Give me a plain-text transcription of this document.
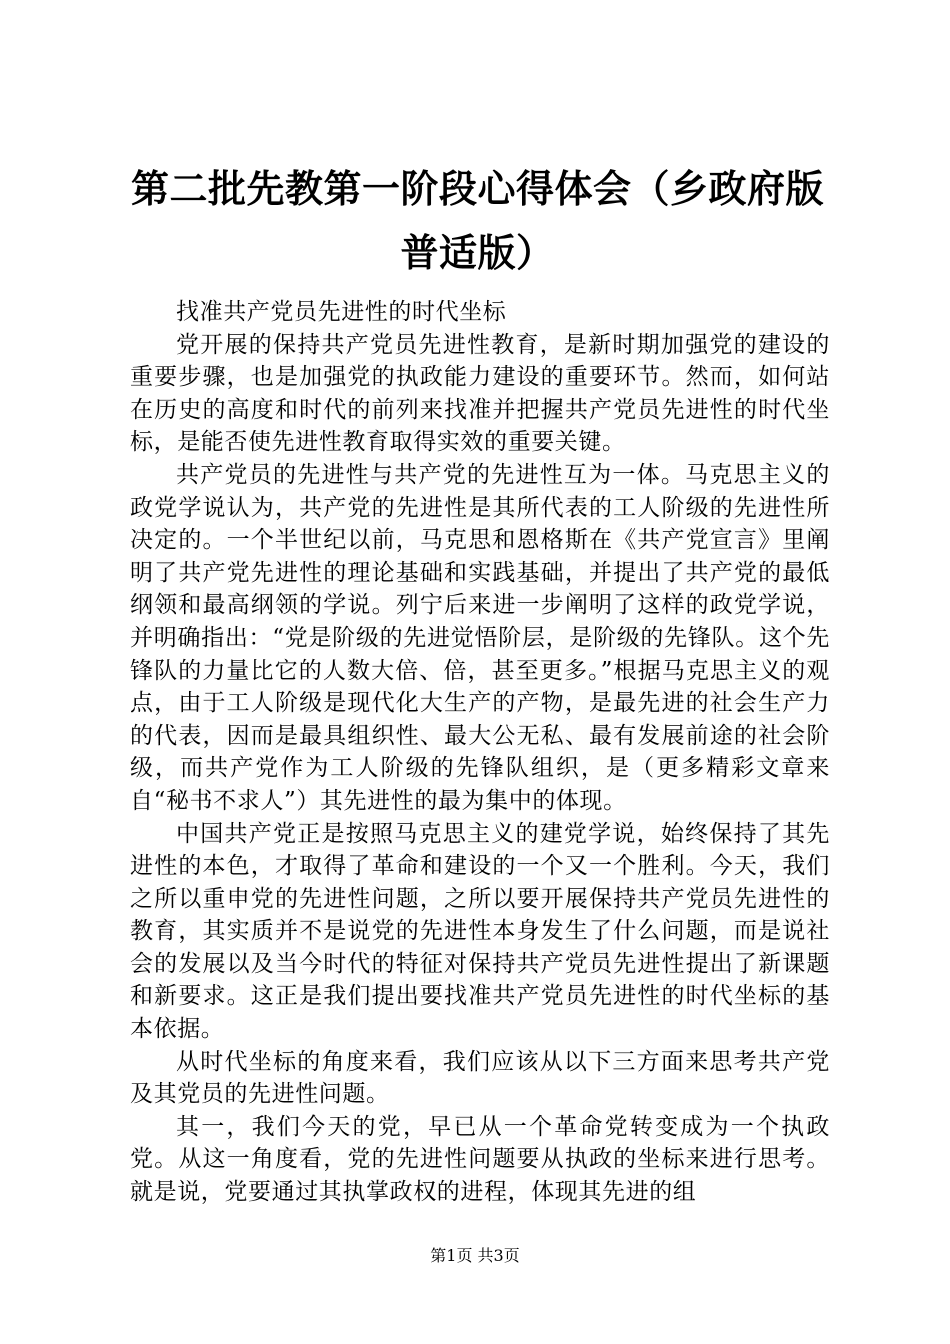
第二批先教第一阶段心得体会（乡政府版普适版）

找准共产党员先进性的时代坐标

党开展的保持共产党员先进性教育，是新时期加强党的建设的重要步骤，也是加强党的执政能力建设的重要环节。然而，如何站在历史的高度和时代的前列来找准并把握共产党员先进性的时代坐标，是能否使先进性教育取得实效的重要关键。

共产党员的先进性与共产党的先进性互为一体。马克思主义的政党学说认为，共产党的先进性是其所代表的工人阶级的先进性所决定的。一个半世纪以前，马克思和恩格斯在《共产党宣言》里阐明了共产党先进性的理论基础和实践基础，并提出了共产党的最低纲领和最高纲领的学说。列宁后来进一步阐明了这样的政党学说，并明确指出：“党是阶级的先进觉悟阶层，是阶级的先锋队。这个先锋队的力量比它的人数大倍、倍，甚至更多。”根据马克思主义的观点，由于工人阶级是现代化大生产的产物，是最先进的社会生产力的代表，因而是最具组织性、最大公无私、最有发展前途的社会阶级，而共产党作为工人阶级的先锋队组织，是（更多精彩文章来自“秘书不求人”）其先进性的最为集中的体现。

中国共产党正是按照马克思主义的建党学说，始终保持了其先进性的本色，才取得了革命和建设的一个又一个胜利。今天，我们之所以重申党的先进性问题，之所以要开展保持共产党员先进性的教育，其实质并不是说党的先进性本身发生了什么问题，而是说社会的发展以及当今时代的特征对保持共产党员先进性提出了新课题和新要求。这正是我们提出要找准共产党员先进性的时代坐标的基本依据。

从时代坐标的角度来看，我们应该从以下三方面来思考共产党及其党员的先进性问题。

其一，我们今天的党，早已从一个革命党转变成为一个执政党。从这一角度看，党的先进性问题要从执政的坐标来进行思考。就是说，党要通过其执掌政权的进程，体现其先进的组

第1页 共3页
